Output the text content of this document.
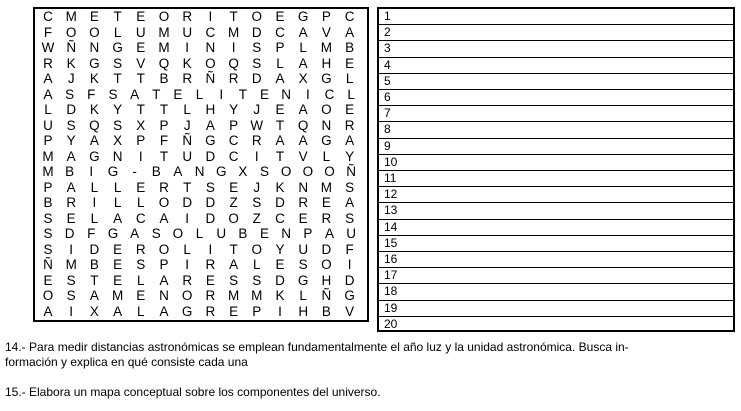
C M E	T	E O R	I	T	O E G P	C
F	O O	L	U M U C M D C	A	V	A
W Ñ N G E M	I	N	I	S	P	L	M B
R	K G S	V Q K O Q S	L	A	H	E
A	J	K	T	T	B	R Ñ R D	A	X G	L
A S F S A T E L	I	T E N	I	C L
L	D	K	Y	T	T	L	H	Y	J	E	A O E
U	S Q S	X	P	J	A	P W T	Q N R
P	Y	A	X	P	F	Ñ G C R	A	A G A
M A G N	I	T	U D C	I	T	V	L	Y
M B	I	G	-	B A N G X S O O O Ñ
P	A	L	L	E	R	T	S	E	J	K	N M S
B	R	I	L	L	O D D	Z	S	D R	E	A
S	E	L	A	C	A	I	D O	Z	C	E	R	S
S D F G A S O L U B E N P A U
S	I	D	E	R O	L	I	T	O Y	U D	F
Ñ M B	E	S	P	I	R	A	L	E	S O	I
E	S	T	E	L	A	R	E	S	S	D G H D
O S	A M E	N O R M M K	L	Ñ G
A	I	X	A	L	A G R	E	P	I	H	B	V
1
2
3
4
5
6
7
8
9
10
11
12
13
14
15
16
17
18
19
20
14.- Para medir distancias astronómicas se emplean fundamentalmente el año luz y la unidad astronómica. Busca in-
formación y explica en qué consiste cada una
15.- Elabora un mapa conceptual sobre los componentes del universo.
